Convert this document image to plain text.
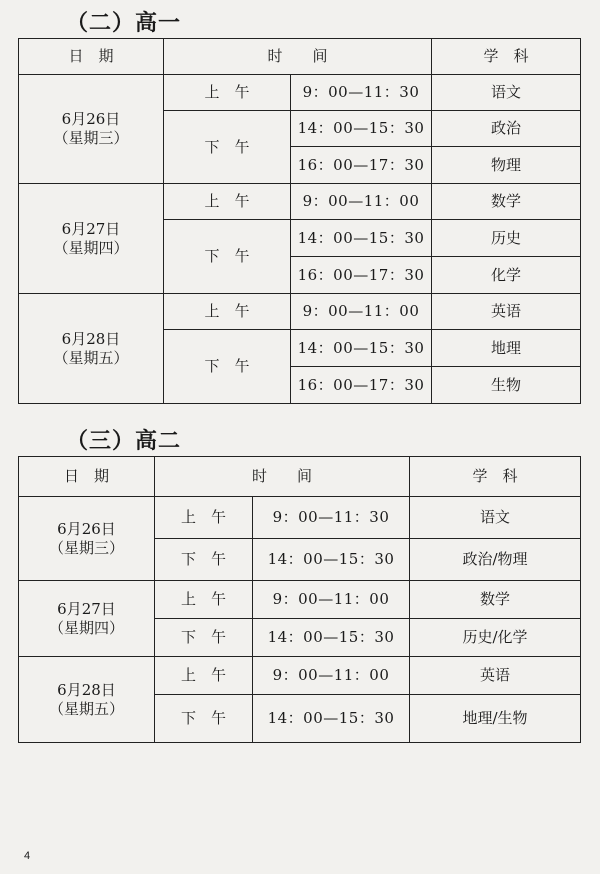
（二）高一
日　期	时　　间		学　科

6月26日
（星期三）	上　午	9：00—11：30	语文
	下　午	14：00—15：30	政治
		16：00—17：30	物理

6月27日
（星期四）	上　午	9：00—11：00	数学
	下　午	14：00—15：30	历史
		16：00—17：30	化学

6月28日
（星期五）	上　午	9：00—11：00	英语
	下　午	14：00—15：30	地理
		16：00—17：30	生物
（三）高二
日　期	时　　间		学　科

6月26日
（星期三）	上　午	9：00—11：30	语文
	下　午	14：00—15：30	政治/物理

6月27日
（星期四）	上　午	9：00—11：00	数学
	下　午	14：00—15：30	历史/化学

6月28日
（星期五）	上　午	9：00—11：00	英语
	下　午	14：00—15：30	地理/生物
4
